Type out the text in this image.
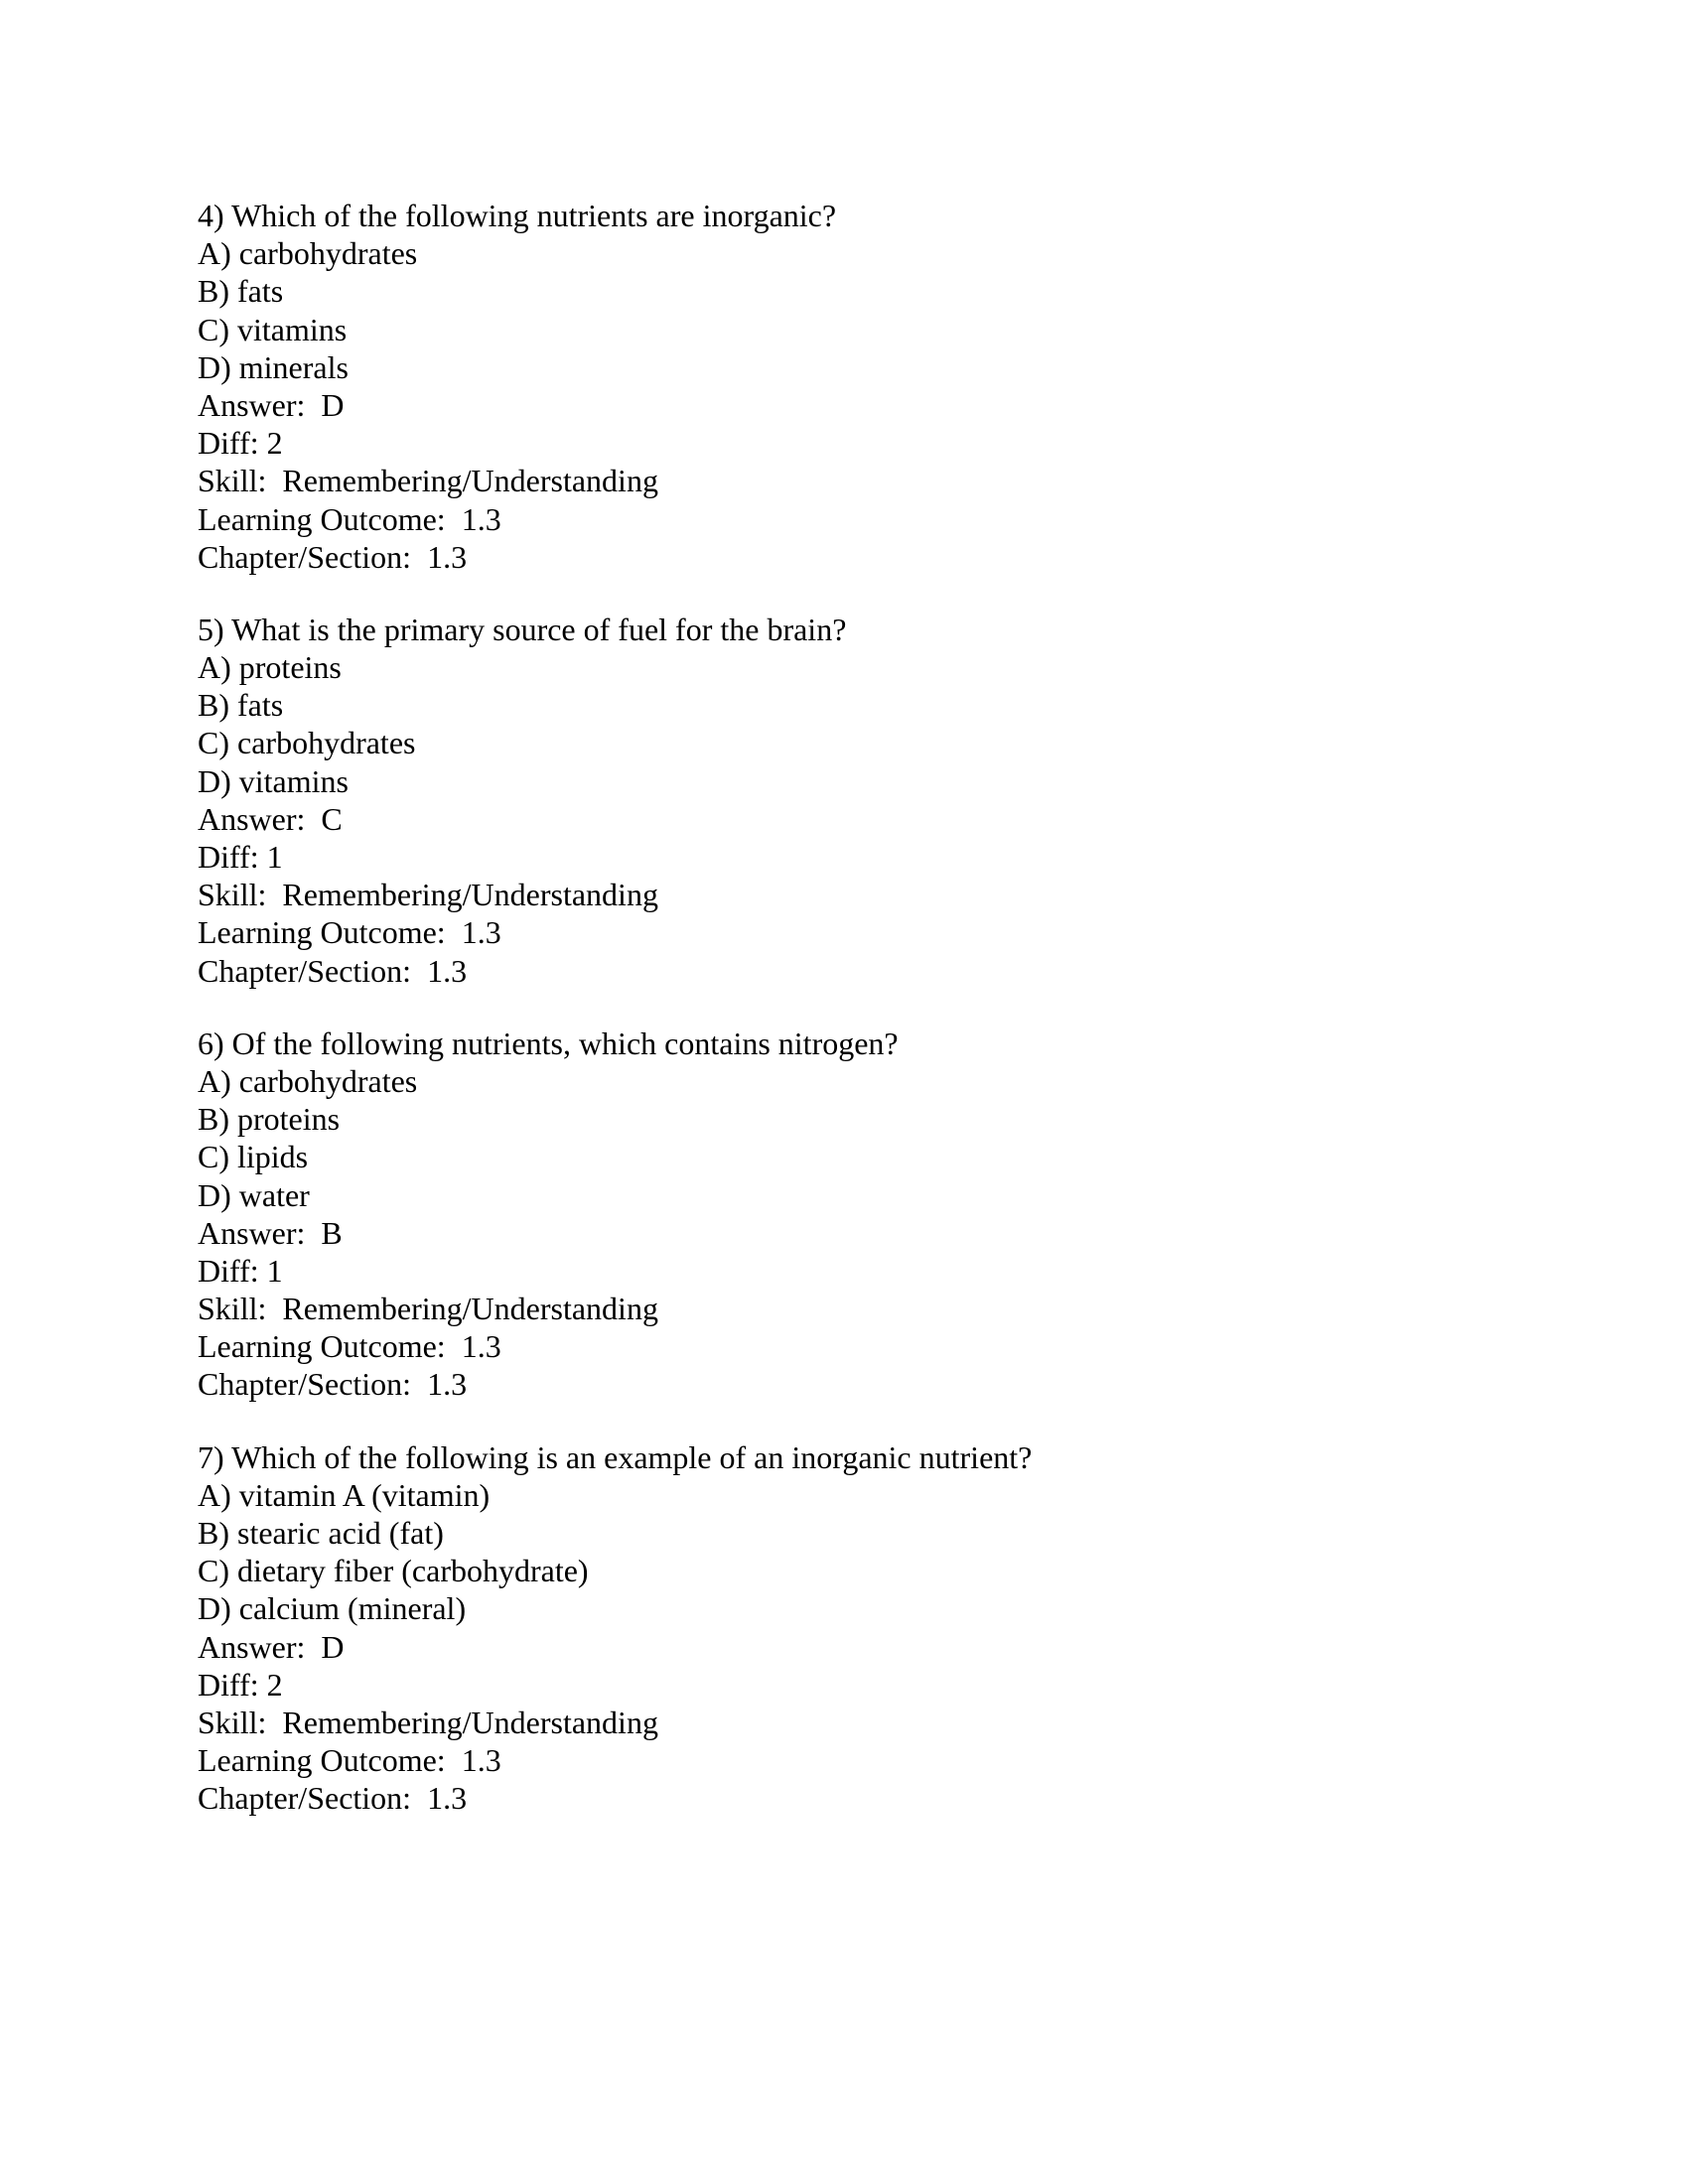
4) Which of the following nutrients are inorganic?
A) carbohydrates
B) fats
C) vitamins
D) minerals
Answer:  D
Diff: 2
Skill:  Remembering/Understanding
Learning Outcome:  1.3
Chapter/Section:  1.3
5) What is the primary source of fuel for the brain?
A) proteins
B) fats
C) carbohydrates
D) vitamins
Answer:  C
Diff: 1
Skill:  Remembering/Understanding
Learning Outcome:  1.3
Chapter/Section:  1.3
6) Of the following nutrients, which contains nitrogen?
A) carbohydrates
B) proteins
C) lipids
D) water
Answer:  B
Diff: 1
Skill:  Remembering/Understanding
Learning Outcome:  1.3
Chapter/Section:  1.3
7) Which of the following is an example of an inorganic nutrient?
A) vitamin A (vitamin)
B) stearic acid (fat)
C) dietary fiber (carbohydrate)
D) calcium (mineral)
Answer:  D
Diff: 2
Skill:  Remembering/Understanding
Learning Outcome:  1.3
Chapter/Section:  1.3
